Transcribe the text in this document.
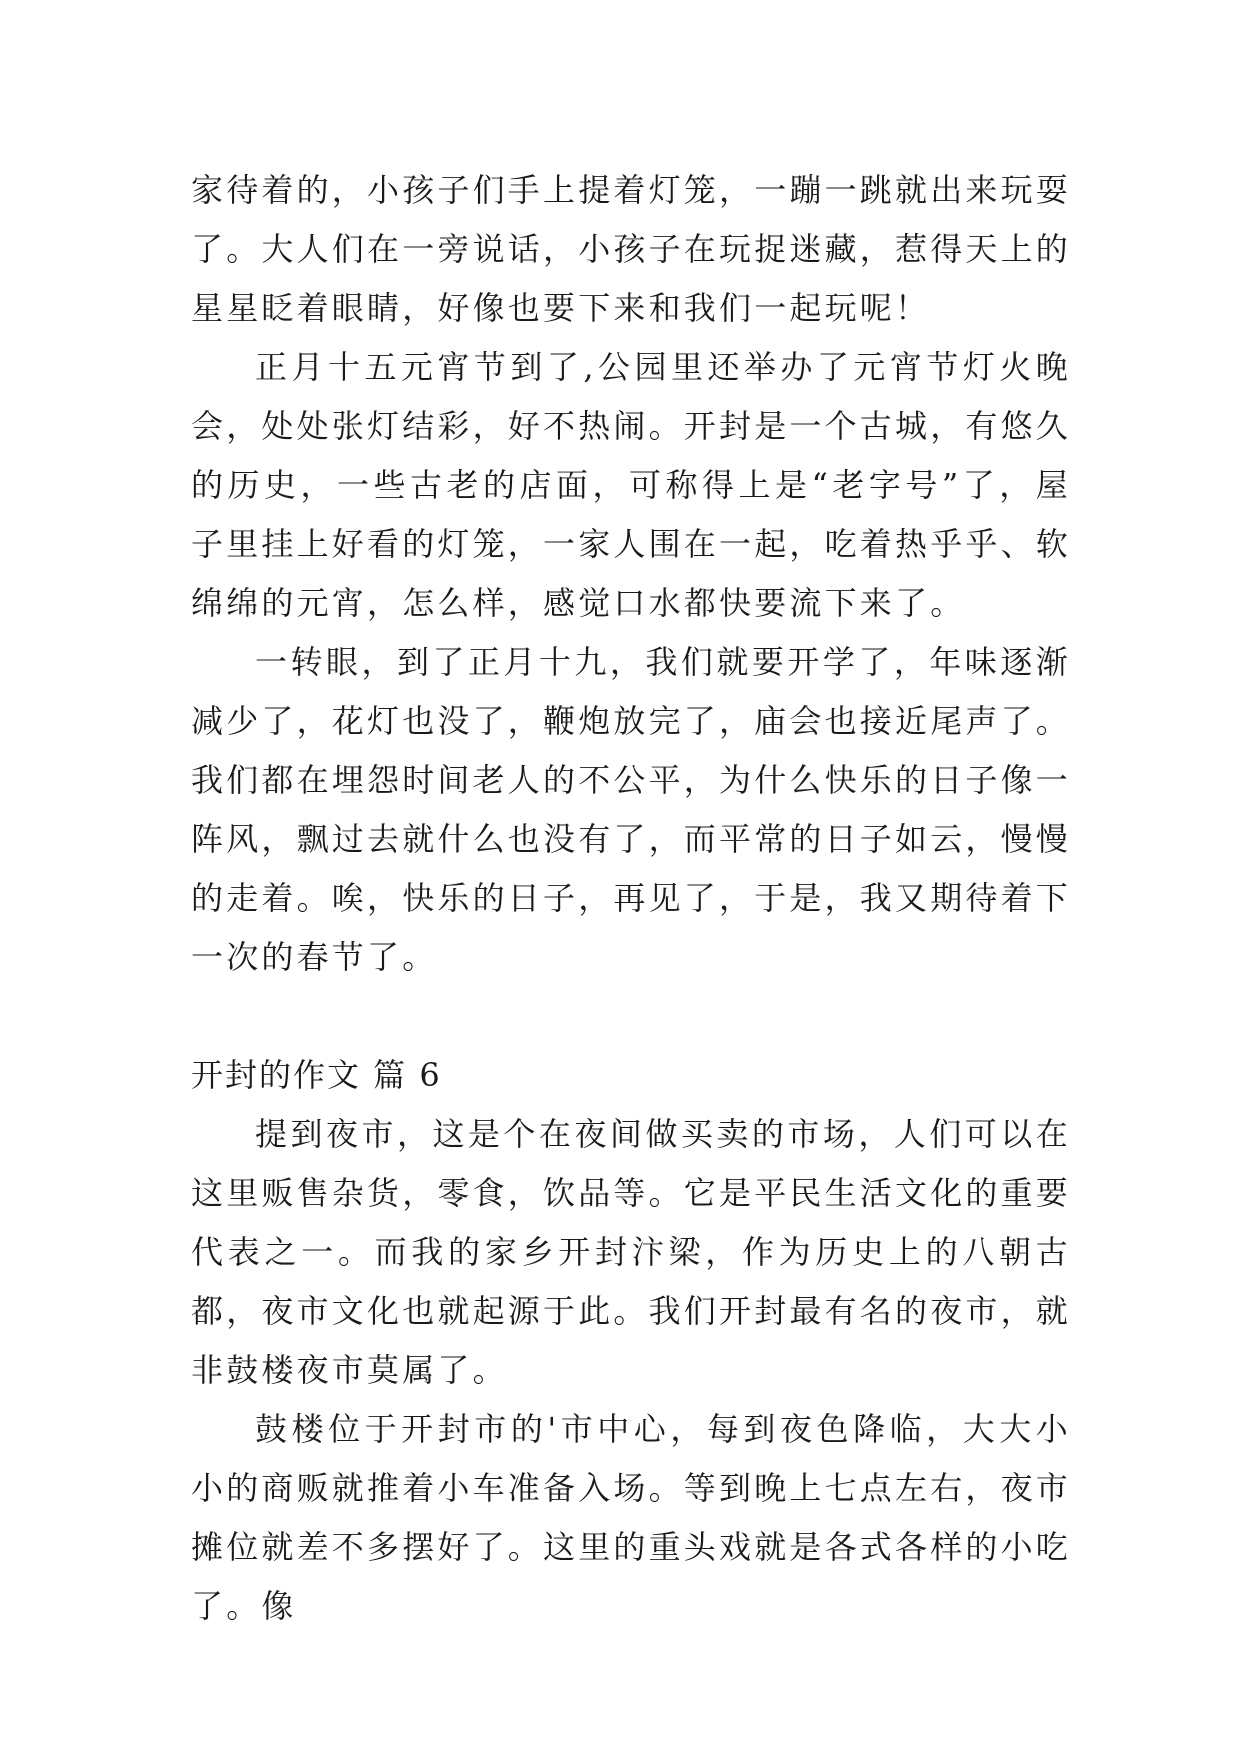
家待着的，小孩子们手上提着灯笼，一蹦一跳就出来玩耍了。大人们在一旁说话，小孩子在玩捉迷藏，惹得天上的星星眨着眼睛，好像也要下来和我们一起玩呢！

正月十五元宵节到了,公园里还举办了元宵节灯火晚会，处处张灯结彩，好不热闹。开封是一个古城，有悠久的历史，一些古老的店面，可称得上是“老字号”了，屋子里挂上好看的灯笼，一家人围在一起，吃着热乎乎、软绵绵的元宵，怎么样，感觉口水都快要流下来了。

一转眼，到了正月十九，我们就要开学了，年味逐渐减少了，花灯也没了，鞭炮放完了，庙会也接近尾声了。我们都在埋怨时间老人的不公平，为什么快乐的日子像一阵风，飘过去就什么也没有了，而平常的日子如云，慢慢的走着。唉，快乐的日子，再见了，于是，我又期待着下一次的春节了。

开封的作文 篇 6

提到夜市，这是个在夜间做买卖的市场，人们可以在这里贩售杂货，零食，饮品等。它是平民生活文化的重要代表之一。而我的家乡开封汴梁，作为历史上的八朝古都，夜市文化也就起源于此。我们开封最有名的夜市，就非鼓楼夜市莫属了。

鼓楼位于开封市的'市中心，每到夜色降临，大大小小的商贩就推着小车准备入场。等到晚上七点左右，夜市摊位就差不多摆好了。这里的重头戏就是各式各样的小吃了。像
